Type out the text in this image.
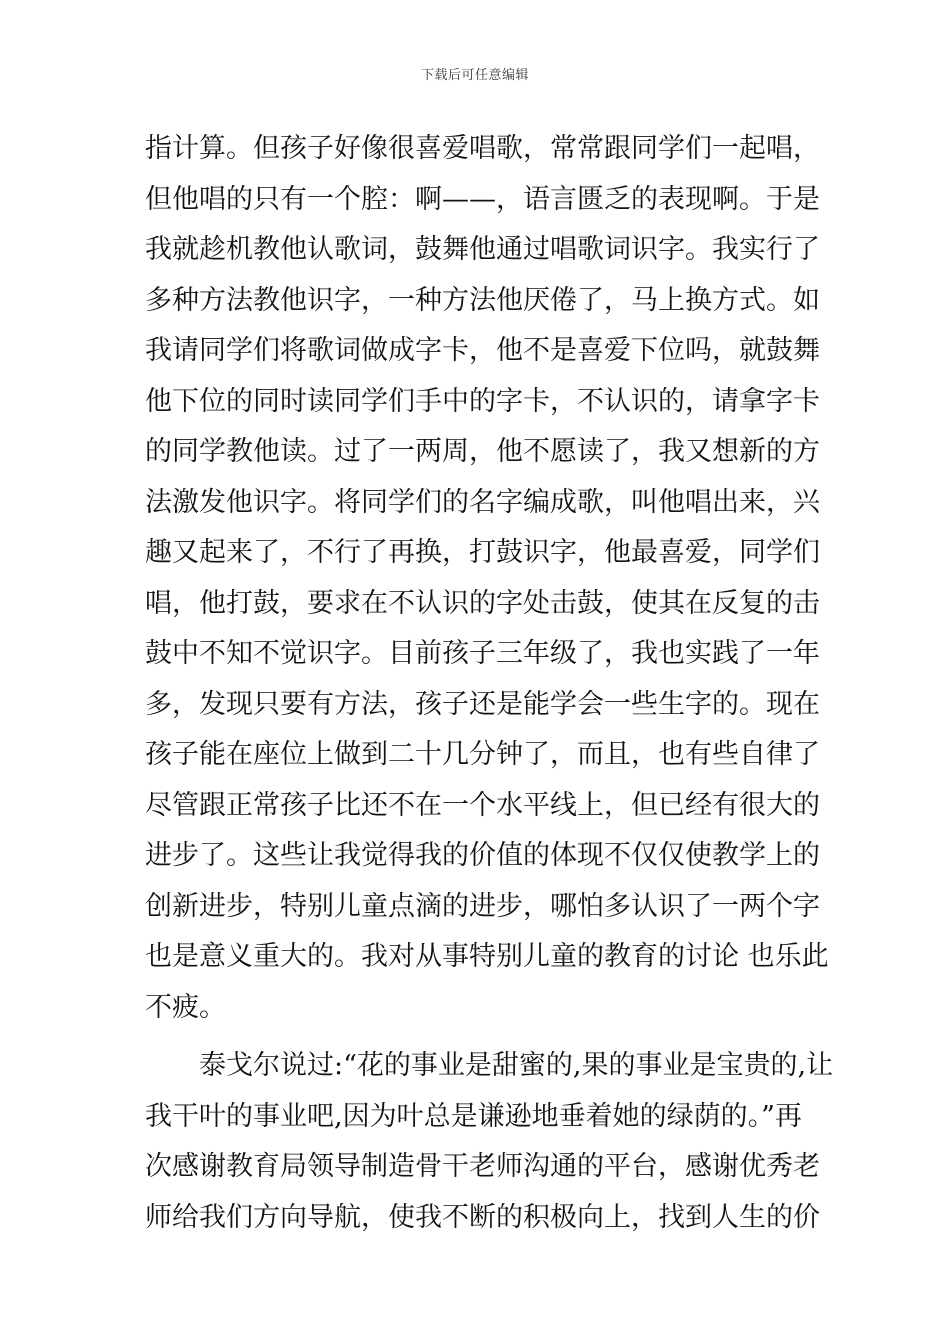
下载后可任意编辑
指计算。但孩子好像很喜爱唱歌，常常跟同学们一起唱，
但他唱的只有一个腔：啊——，语言匮乏的表现啊。于是
我就趁机教他认歌词，鼓舞他通过唱歌词识字。我实行了
多种方法教他识字，一种方法他厌倦了，马上换方式。如
我请同学们将歌词做成字卡，他不是喜爱下位吗，就鼓舞
他下位的同时读同学们手中的字卡，不认识的，请拿字卡
的同学教他读。过了一两周，他不愿读了，我又想新的方
法激发他识字。将同学们的名字编成歌，叫他唱出来，兴
趣又起来了，不行了再换，打鼓识字，他最喜爱，同学们
唱，他打鼓，要求在不认识的字处击鼓，使其在反复的击
鼓中不知不觉识字。目前孩子三年级了，我也实践了一年
多，发现只要有方法，孩子还是能学会一些生字的。现在
孩子能在座位上做到二十几分钟了，而且，也有些自律了
尽管跟正常孩子比还不在一个水平线上，但已经有很大的
进步了。这些让我觉得我的价值的体现不仅仅使教学上的
创新进步，特别儿童点滴的进步，哪怕多认识了一两个字
也是意义重大的。我对从事特别儿童的教育的讨论 也乐此
不疲。
泰戈尔说过:“花的事业是甜蜜的,果的事业是宝贵的,让
我干叶的事业吧,因为叶总是谦逊地垂着她的绿荫的。”再
次感谢教育局领导制造骨干老师沟通的平台，感谢优秀老
师给我们方向导航，使我不断的积极向上，找到人生的价
